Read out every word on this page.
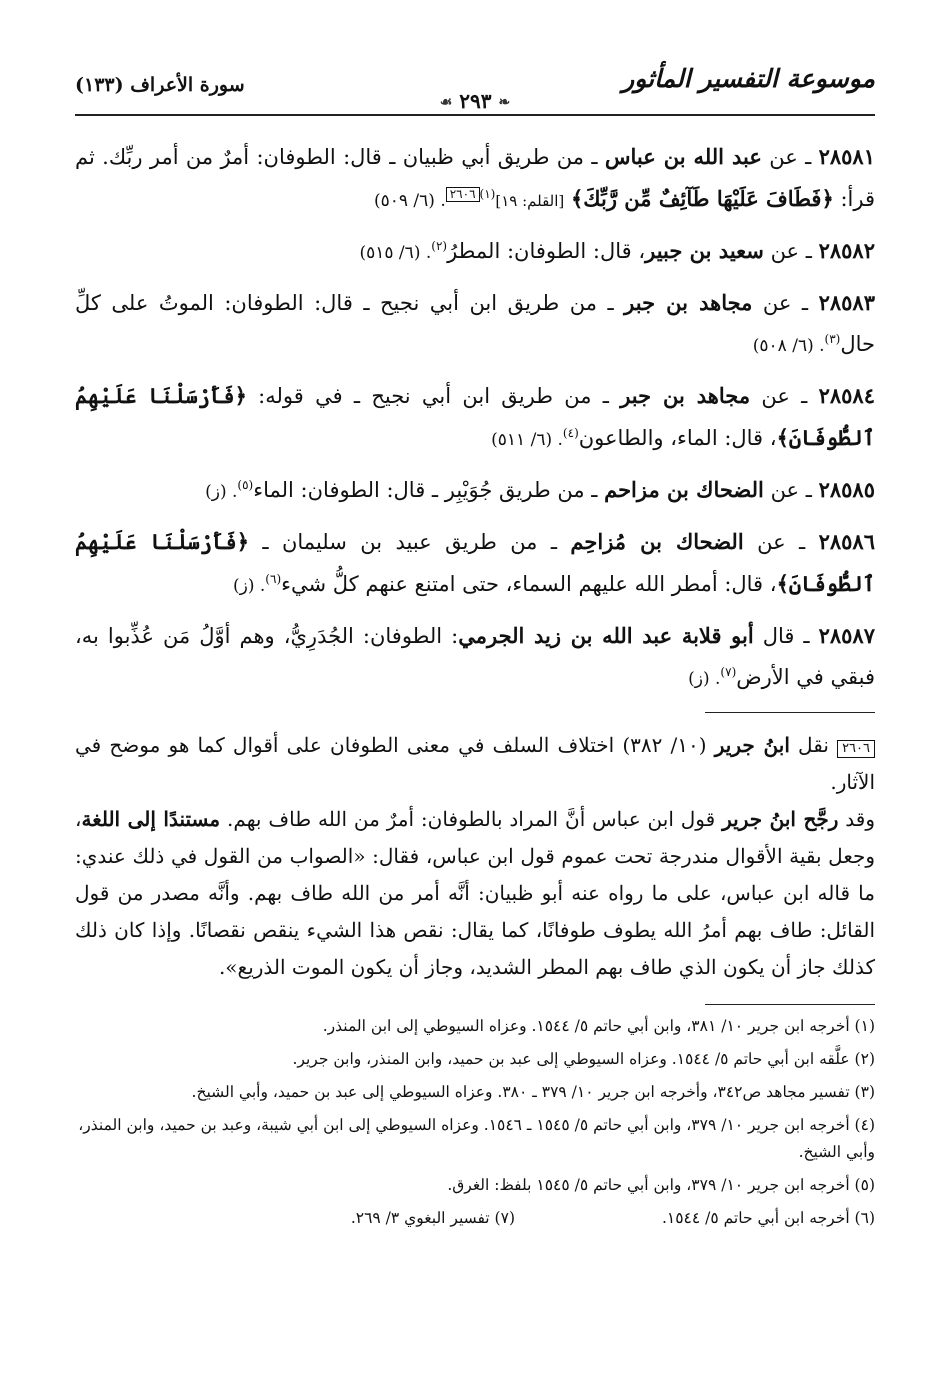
موسوعة التفسير المأثور
❧ ٢٩٣ ☙
سورة الأعراف (١٣٣)
٢٨٥٨١ ـ عن عبد الله بن عباس ـ من طريق أبي ظبيان ـ قال: الطوفان: أمرٌ من أمر ربِّك. ثم قرأ: ﴿فَطَافَ عَلَيْهَا طَآئِفٌ مِّن رَّبِّكَ﴾ [القلم: ١٩]$^{(١)}$٢٦٠٦. (٦/ ٥٠٩)
٢٨٥٨٢ ـ عن سعيد بن جبير، قال: الطوفان: المطرُ$^{(٢)}$. (٦/ ٥١٥)
٢٨٥٨٣ ـ عن مجاهد بن جبر ـ من طريق ابن أبي نجيح ـ قال: الطوفان: الموتُ على كلِّ حال$^{(٣)}$. (٦/ ٥٠٨)
٢٨٥٨٤ ـ عن مجاهد بن جبر ـ من طريق ابن أبي نجيح ـ في قوله: ﴿فَأَرْسَلْنَا عَلَيْهِمُ ٱلطُّوفَانَ﴾، قال: الماء، والطاعون$^{(٤)}$. (٦/ ٥١١)
٢٨٥٨٥ ـ عن الضحاك بن مزاحم ـ من طريق جُوَيْبِر ـ قال: الطوفان: الماء$^{(٥)}$. (ز)
٢٨٥٨٦ ـ عن الضحاك بن مُزاحِم ـ من طريق عبيد بن سليمان ـ ﴿فَأَرْسَلْنَا عَلَيْهِمُ ٱلطُّوفَانَ﴾، قال: أمطر الله عليهم السماء، حتى امتنع عنهم كلُّ شيء$^{(٦)}$. (ز)
٢٨٥٨٧ ـ قال أبو قلابة عبد الله بن زيد الجرمي: الطوفان: الجُدَرِيُّ، وهم أوَّلُ مَن عُذِّبوا به، فبقي في الأرض$^{(٧)}$. (ز)

٢٦٠٦ نقل ابنُ جرير (١٠/ ٣٨٢) اختلاف السلف في معنى الطوفان على أقوال كما هو موضح في الآثار.

وقد رجَّح ابنُ جرير قول ابن عباس أنَّ المراد بالطوفان: أمرٌ من الله طاف بهم. مستندًا إلى اللغة، وجعل بقية الأقوال مندرجة تحت عموم قول ابن عباس، فقال: «الصواب من القول في ذلك عندي: ما قاله ابن عباس، على ما رواه عنه أبو ظبيان: أنَّه أمر من الله طاف بهم. وأنَّه مصدر من قول القائل: طاف بهم أمرُ الله يطوف طوفانًا، كما يقال: نقص هذا الشيء ينقص نقصانًا. وإذا كان ذلك كذلك جاز أن يكون الذي طاف بهم المطر الشديد، وجاز أن يكون الموت الذريع».

(١) أخرجه ابن جرير ١٠/ ٣٨١، وابن أبي حاتم ٥/ ١٥٤٤. وعزاه السيوطي إلى ابن المنذر.
(٢) علَّقه ابن أبي حاتم ٥/ ١٥٤٤. وعزاه السيوطي إلى عبد بن حميد، وابن المنذر، وابن جرير.
(٣) تفسير مجاهد ص٣٤٢، وأخرجه ابن جرير ١٠/ ٣٧٩ ـ ٣٨٠. وعزاه السيوطي إلى عبد بن حميد، وأبي الشيخ.
(٤) أخرجه ابن جرير ١٠/ ٣٧٩، وابن أبي حاتم ٥/ ١٥٤٥ ـ ١٥٤٦. وعزاه السيوطي إلى ابن أبي شيبة، وعبد بن حميد، وابن المنذر، وأبي الشيخ.
(٥) أخرجه ابن جرير ١٠/ ٣٧٩، وابن أبي حاتم ٥/ ١٥٤٥ بلفظ: الغرق.
(٦) أخرجه ابن أبي حاتم ٥/ ١٥٤٤.
(٧) تفسير البغوي ٣/ ٢٦٩.
